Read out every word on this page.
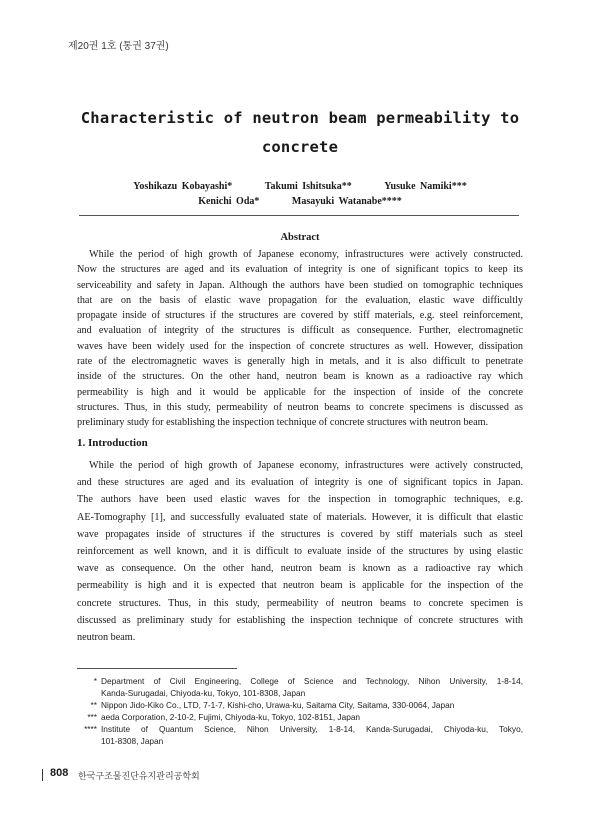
제20권 1호 (통권 37권)
Characteristic of neutron beam permeability to
concrete
Yoshikazu Kobayashi*	Takumi Ishitsuka**	Yusuke Namiki***
Kenichi Oda*	Masayuki Watanabe****
Abstract
While the period of high growth of Japanese economy, infrastructures were actively constructed.
Now the structures are aged and its evaluation of integrity is one of significant topics to keep its
serviceability and safety in Japan. Although the authors have been studied on tomographic techniques
that are on the basis of elastic wave propagation for the evaluation, elastic wave difficultly
propagate inside of structures if the structures are covered by stiff materials, e.g. steel reinforcement,
and evaluation of integrity of the structures is difficult as consequence. Further, electromagnetic
waves have been widely used for the inspection of concrete structures as well. However, dissipation
rate of the electromagnetic waves is generally high in metals, and it is also difficult to penetrate
inside of the structures. On the other hand, neutron beam is known as a radioactive ray which
permeability is high and it would be applicable for the inspection of inside of the concrete
structures. Thus, in this study, permeability of neutron beams to concrete specimens is discussed as
preliminary study for establishing the inspection technique of concrete structures with neutron beam.
1. Introduction
While the period of high growth of Japanese economy, infrastructures were actively constructed,
and these structures are aged and its evaluation of integrity is one of significant topics in Japan.
The authors have been used elastic waves for the inspection in tomographic techniques, e.g.
AE-Tomography [1], and successfully evaluated state of materials. However, it is difficult that elastic
wave propagates inside of structures if the structures is covered by stiff materials such as steel
reinforcement as well known, and it is difficult to evaluate inside of the structures by using elastic
wave as consequence. On the other hand, neutron beam is known as a radioactive ray which
permeability is high and it is expected that neutron beam is applicable for the inspection of the
concrete structures. Thus, in this study, permeability of neutron beams to concrete specimen is
discussed as preliminary study for establishing the inspection technique of concrete structures with
neutron beam.
* Department of Civil Engineering, College of Science and Technology, Nihon University, 1-8-14,
Kanda-Surugadai, Chiyoda-ku, Tokyo, 101-8308, Japan
** Nippon Jido-Kiko Co., LTD, 7-1-7, Kishi-cho, Urawa-ku, Saitama City, Saitama, 330-0064, Japan
*** aeda Corporation, 2-10-2, Fujimi, Chiyoda-ku, Tokyo, 102-8151, Japan
**** Institute of Quantum Science, Nihon University, 1-8-14, Kanda-Surugadai, Chiyoda-ku, Tokyo,
101-8308, Japan
808 한국구조물진단유지관리공학회
